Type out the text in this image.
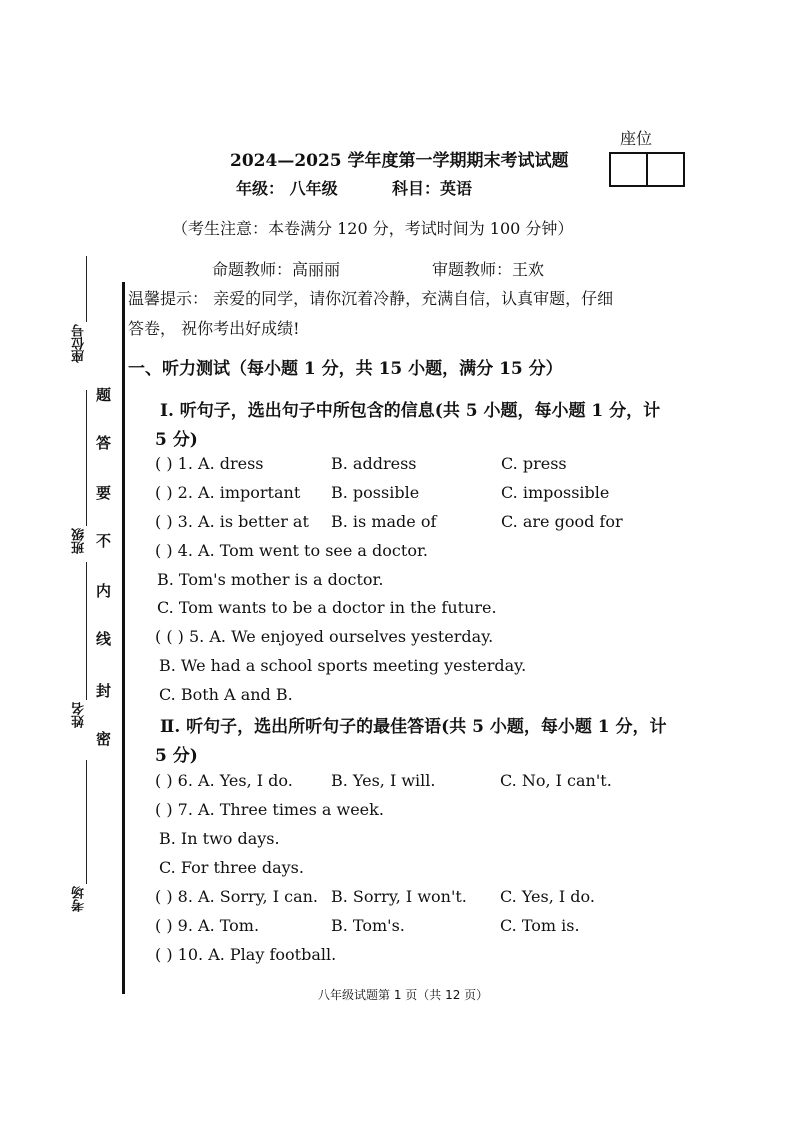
座位
2024—2025 学年度第一学期期末考试试题
年级： 八年级	科目：英语
（考生注意：本卷满分 120 分，考试时间为 100 分钟）
命题教师：高丽丽	审题教师：王欢
座位号
班级
姓名
考场
题
答
要
不
内
线
封
密
温馨提示： 亲爱的同学，请你沉着冷静，充满自信，认真审题，仔细
答卷， 祝你考出好成绩!
一、听力测试（每小题 1 分，共 15 小题，满分 15 分）
Ⅰ. 听句子，选出句子中所包含的信息(共 5 小题，每小题 1 分，计
5 分)
( ) 1. A. dress	B. address	C. press
( ) 2. A. important B. possible	C. impossible
( ) 3. A. is better at B. is made of	C. are good for
( ) 4. A. Tom went to see a doctor.
B. Tom's mother is a doctor.
C. Tom wants to be a doctor in the future.
( ( ) 5. A. We enjoyed ourselves yesterday.
B. We had a school sports meeting yesterday.
C. Both A and B.
Ⅱ. 听句子，选出所听句子的最佳答语(共 5 小题，每小题 1 分，计
5 分)
( ) 6. A. Yes, I do. B. Yes, I will.	C. No, I can't.
( ) 7. A. Three times a week.
B. In two days.
C. For three days.
( ) 8. A. Sorry, I can. B. Sorry, I won't. C. Yes, I do.
( ) 9. A. Tom.	B. Tom's.	C. Tom is.
( ) 10. A. Play football.
八年级试题第 1 页（共 12 页）
